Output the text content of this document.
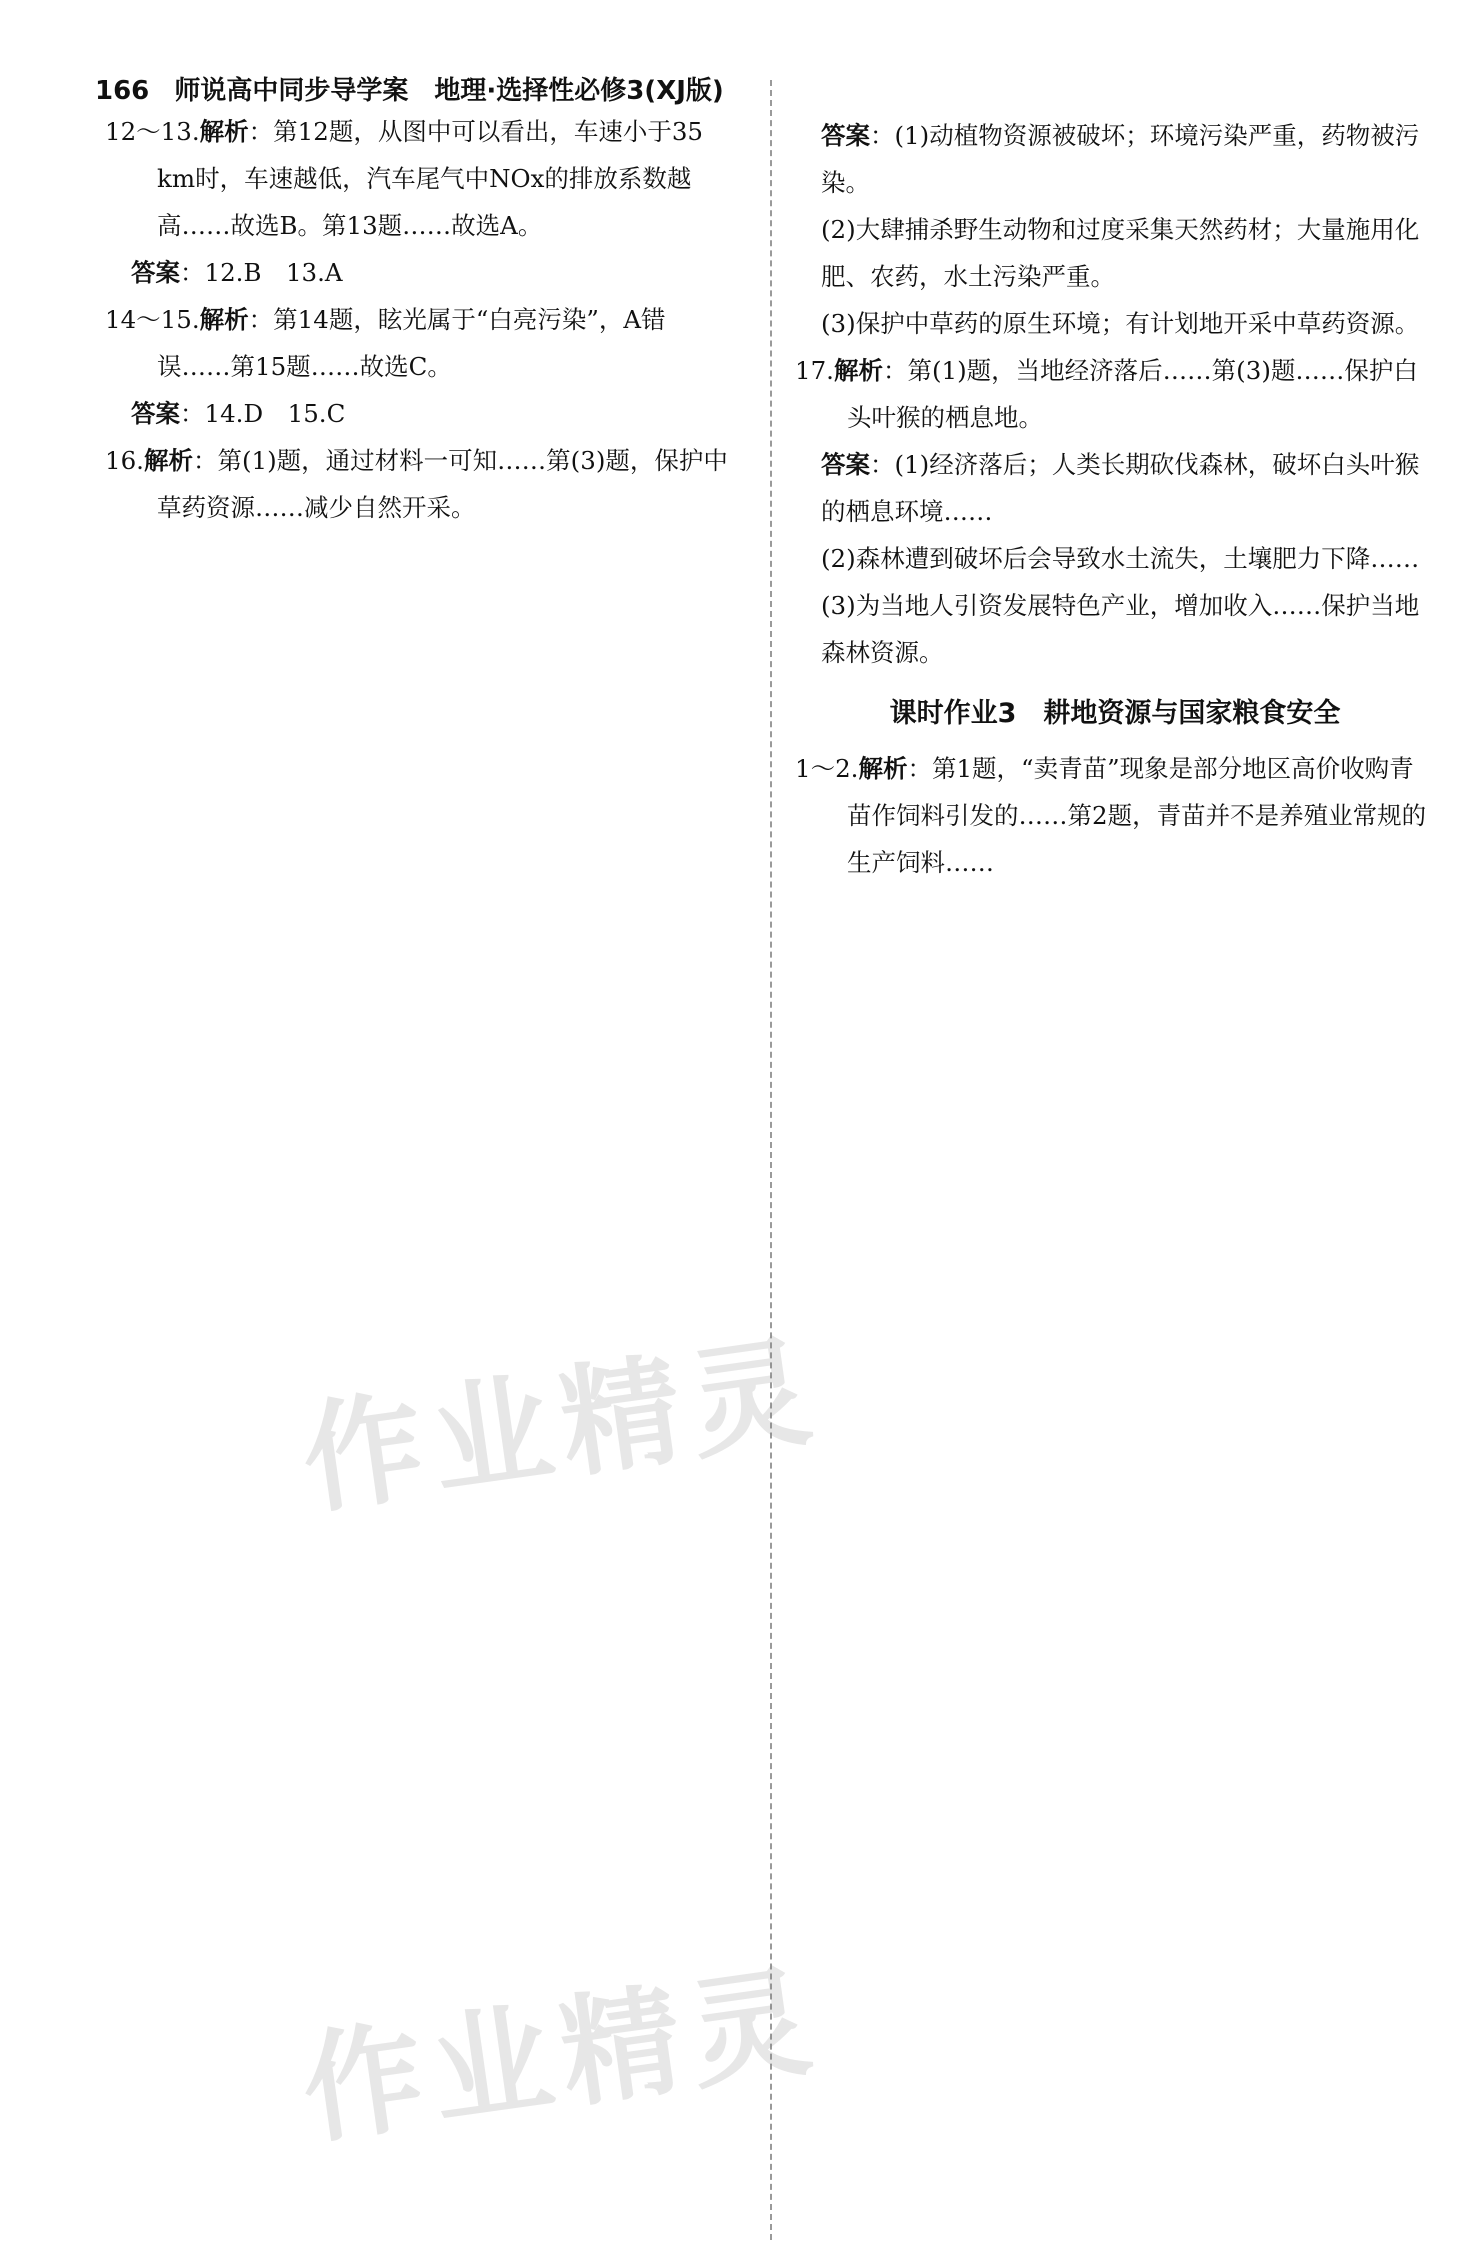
166 师说高中同步导学案　地理·选择性必修3(XJ版)

12～13.解析：第12题，从图中可以看出，车速小于35 km时，车速越低，汽车尾气中NOx的排放系数越高……故选B。第13题……故选A。

答案：12.B　13.A

14～15.解析：第14题，眩光属于“白亮污染”，A错误……第15题……故选C。

答案：14.D　15.C

16.解析：第(1)题，通过材料一可知……第(3)题，保护中草药资源……减少自然开采。

答案：(1)动植物资源被破坏；环境污染严重，药物被污染。

(2)大肆捕杀野生动物和过度采集天然药材；大量施用化肥、农药，水土污染严重。

(3)保护中草药的原生环境；有计划地开采中草药资源。

17.解析：第(1)题，当地经济落后……第(3)题……保护白头叶猴的栖息地。

答案：(1)经济落后；人类长期砍伐森林，破坏白头叶猴的栖息环境……

(2)森林遭到破坏后会导致水土流失，土壤肥力下降……

(3)为当地人引资发展特色产业，增加收入……保护当地森林资源。

课时作业3　耕地资源与国家粮食安全

1～2.解析：第1题，“卖青苗”现象是部分地区高价收购青苗作饲料引发的……第2题，青苗并不是养殖业常规的生产饲料……

作业精灵
作业精灵
